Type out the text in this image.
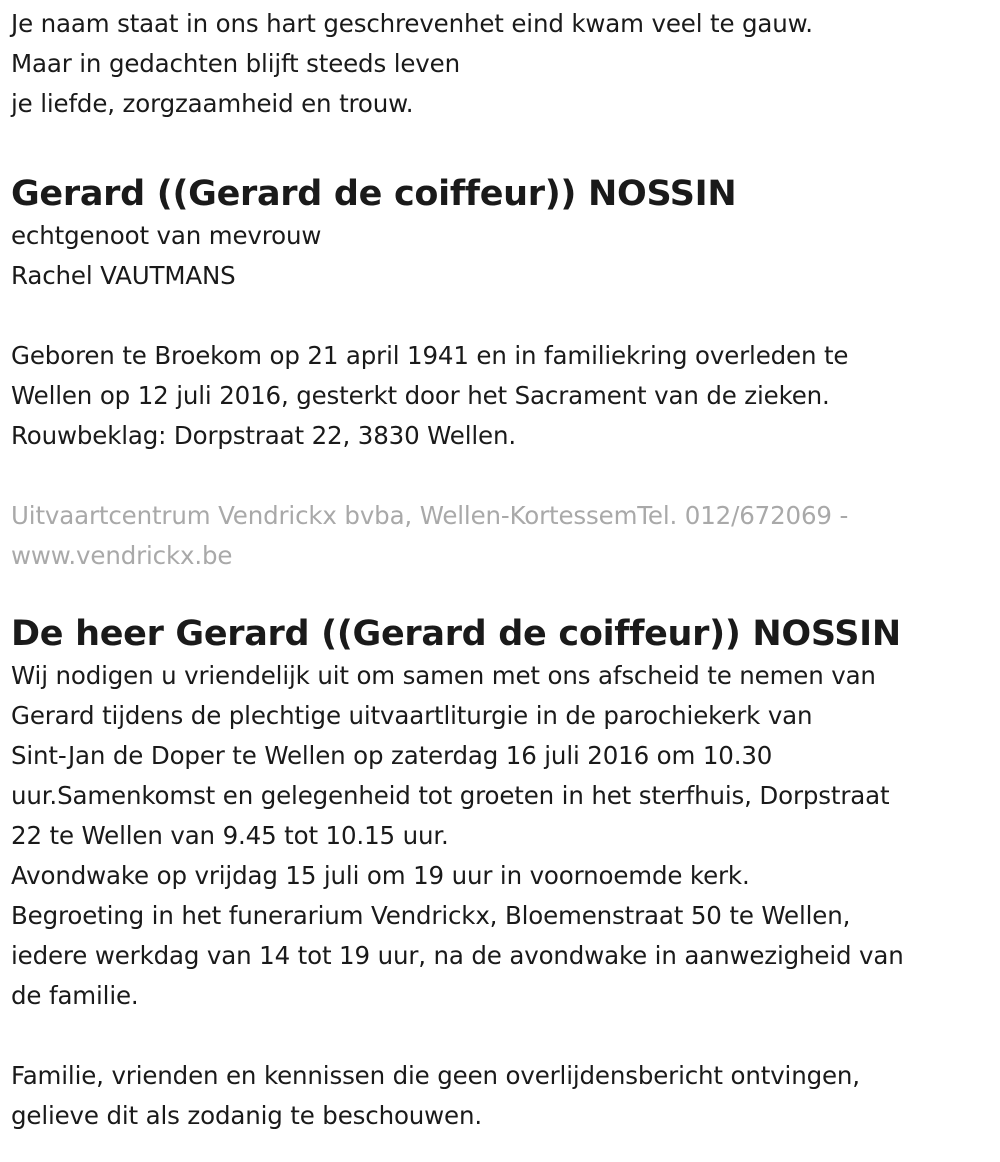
Je naam staat in ons hart geschrevenhet eind kwam veel te gauw.
Maar in gedachten blijft steeds leven
je liefde, zorgzaamheid en trouw.
Gerard ((Gerard de coiffeur)) NOSSIN
echtgenoot van mevrouw
Rachel VAUTMANS
Geboren te Broekom op 21 april 1941 en in familiekring overleden te
Wellen op 12 juli 2016, gesterkt door het Sacrament van de zieken.
Rouwbeklag: Dorpstraat 22, 3830 Wellen.
Uitvaartcentrum Vendrickx bvba, Wellen-KortessemTel. 012/672069 -
www.vendrickx.be
De heer Gerard ((Gerard de coiffeur)) NOSSIN
Wij nodigen u vriendelijk uit om samen met ons afscheid te nemen van
Gerard tijdens de plechtige uitvaartliturgie in de parochiekerk van
Sint-Jan de Doper te Wellen op zaterdag 16 juli 2016 om 10.30
uur.Samenkomst en gelegenheid tot groeten in het sterfhuis, Dorpstraat
22 te Wellen van 9.45 tot 10.15 uur.
Avondwake op vrijdag 15 juli om 19 uur in voornoemde kerk.
Begroeting in het funerarium Vendrickx, Bloemenstraat 50 te Wellen,
iedere werkdag van 14 tot 19 uur, na de avondwake in aanwezigheid van
de familie.
Familie, vrienden en kennissen die geen overlijdensbericht ontvingen,
gelieve dit als zodanig te beschouwen.
